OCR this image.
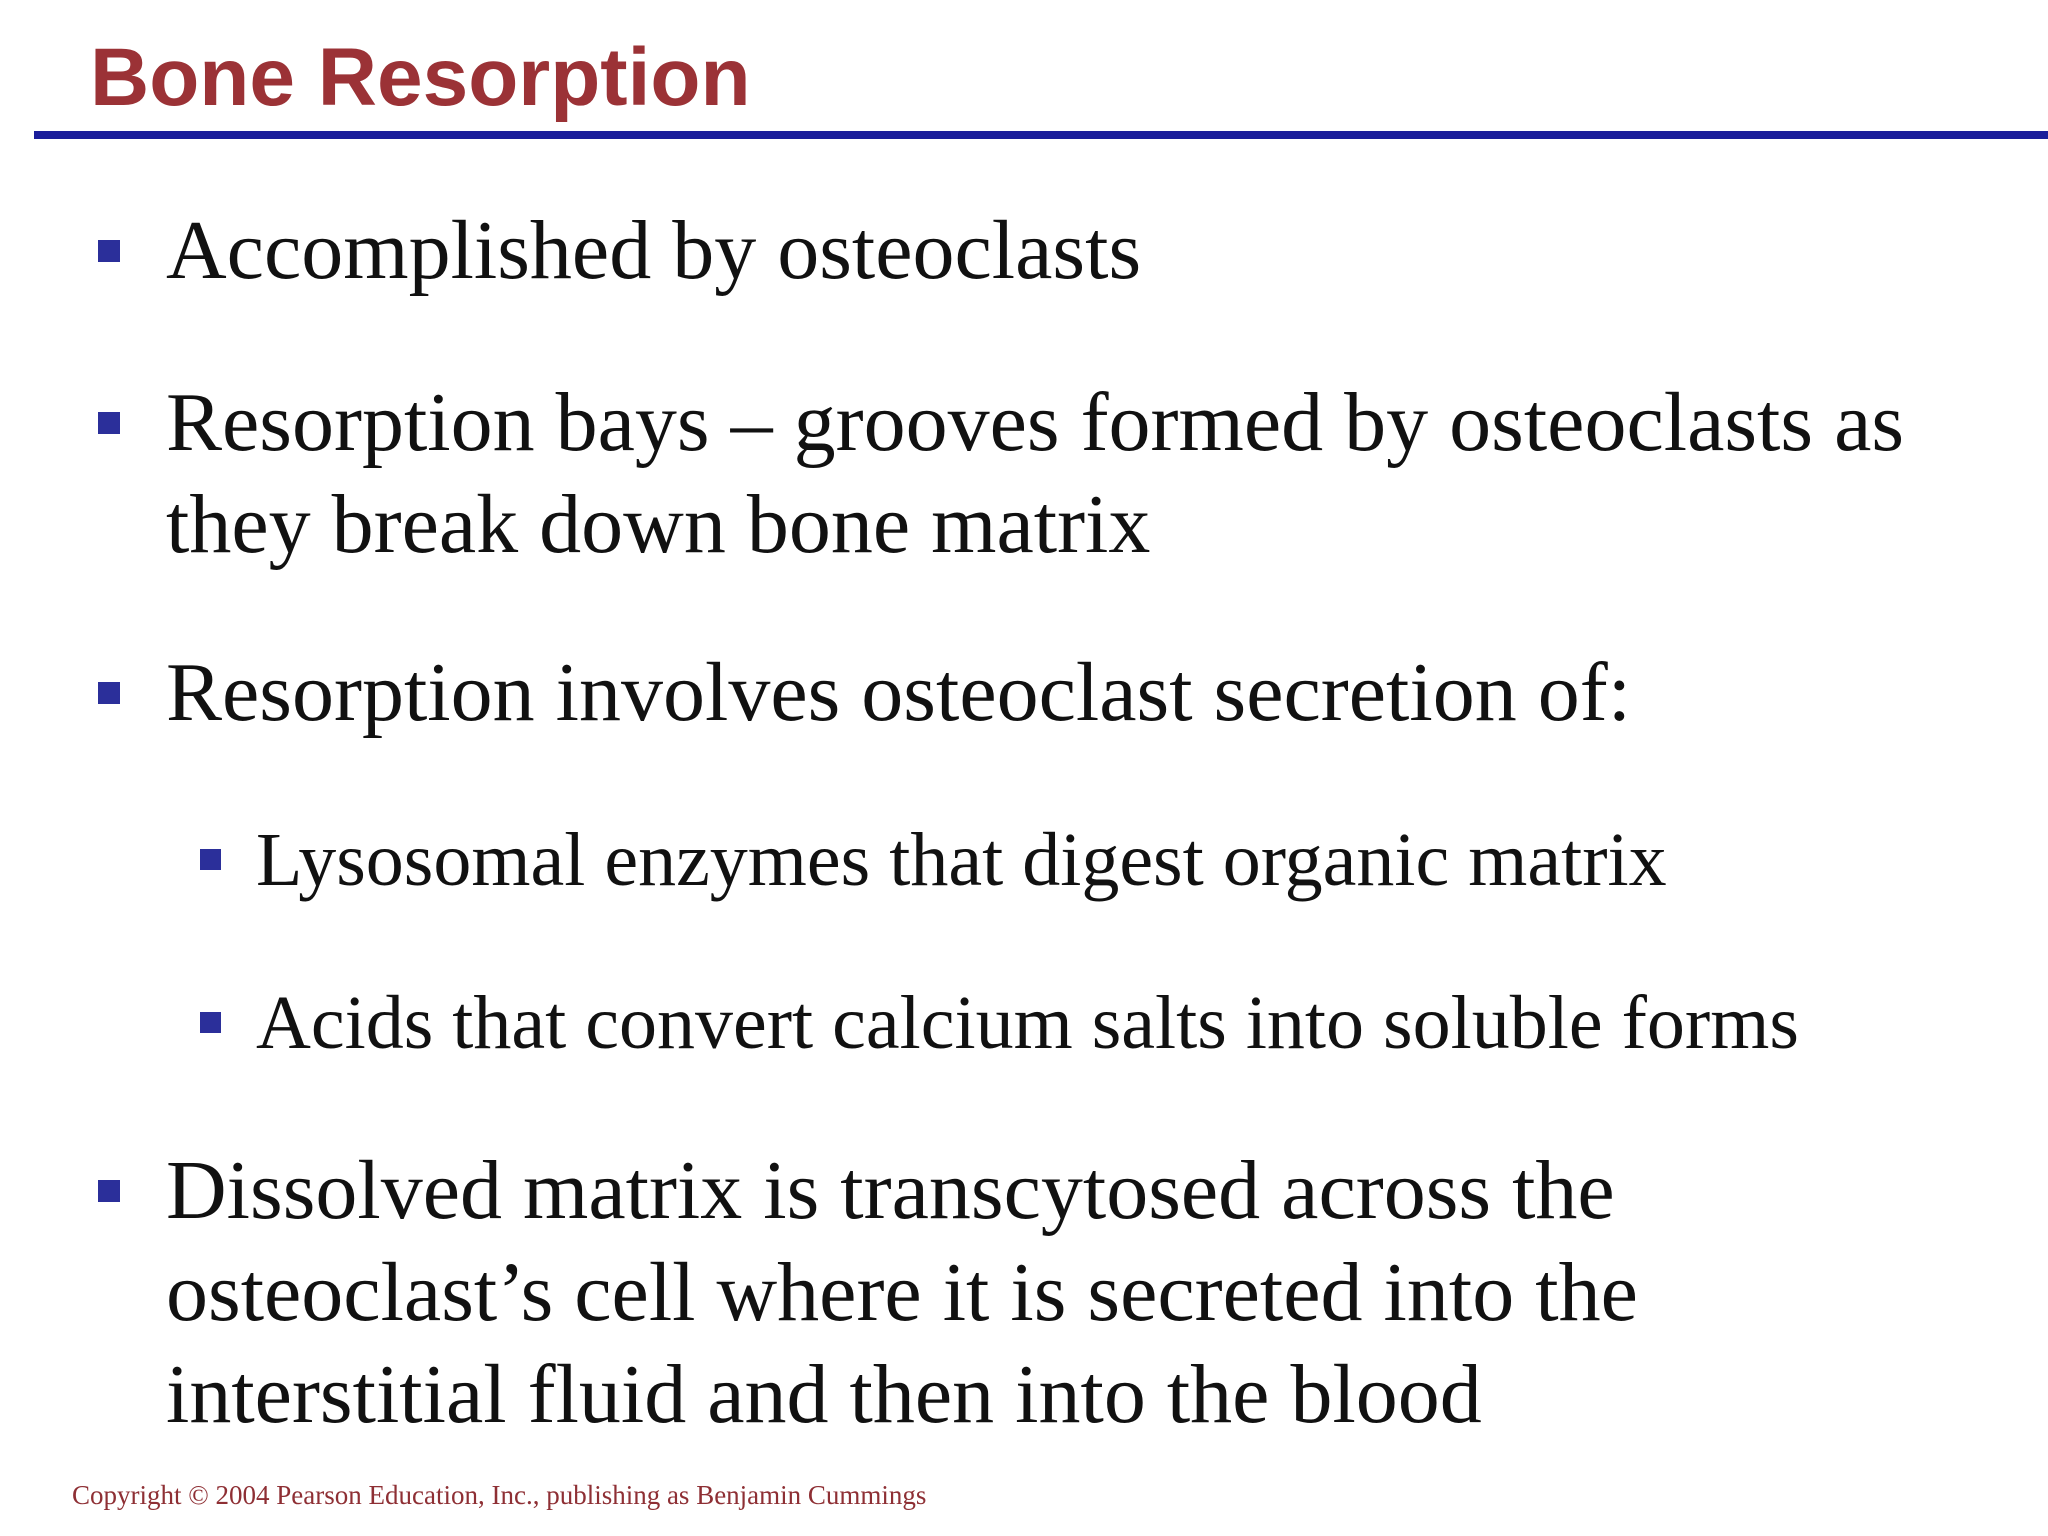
Bone Resorption
Accomplished by osteoclasts
Resorption bays – grooves formed by osteoclasts as
they break down bone matrix
Resorption involves osteoclast secretion of:
Lysosomal enzymes that digest organic matrix
Acids that convert calcium salts into soluble forms
Dissolved matrix is transcytosed across the
osteoclast’s cell where it is secreted into the
interstitial fluid and then into the blood
Copyright © 2004 Pearson Education, Inc., publishing as Benjamin Cummings
